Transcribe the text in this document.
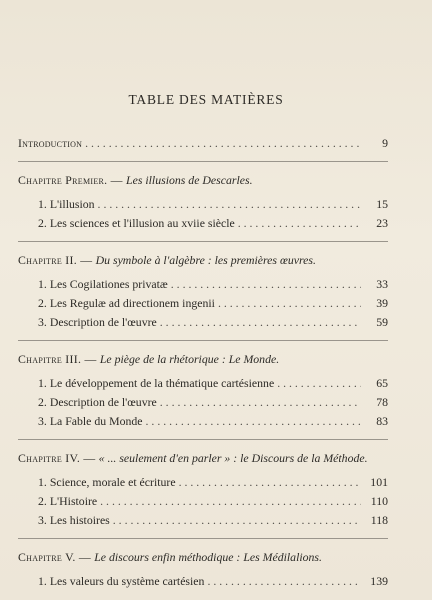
TABLE DES MATIÈRES
Introduction . . .	9
Chapitre Premier. — Les illusions de Descarles.
1. L'illusion . . .	15
2. Les sciences et l'illusion au xviie siècle . . .	23
Chapitre II. — Du symbole à l'algèbre : les premières œuvres.
1. Les Cogilationes privatæ . . .	33
2. Les Regulæ ad directionem ingenii . . .	39
3. Description de l'œuvre . . .	59
Chapitre III. — Le piège de la rhétorique : Le Monde.
1. Le développement de la thématique cartésienne . . .	65
2. Description de l'œuvre . . .	78
3. La Fable du Monde . . .	83
Chapitre IV. — « ... seulement d'en parler » : le Discours de la Méthode.
1. Science, morale et écriture . . .	101
2. L'Histoire . . .	110
3. Les histoires . . .	118
Chapitre V. — Le discours enfin méthodique : Les Médilalions.
1. Les valeurs du système cartésien . . .	139
